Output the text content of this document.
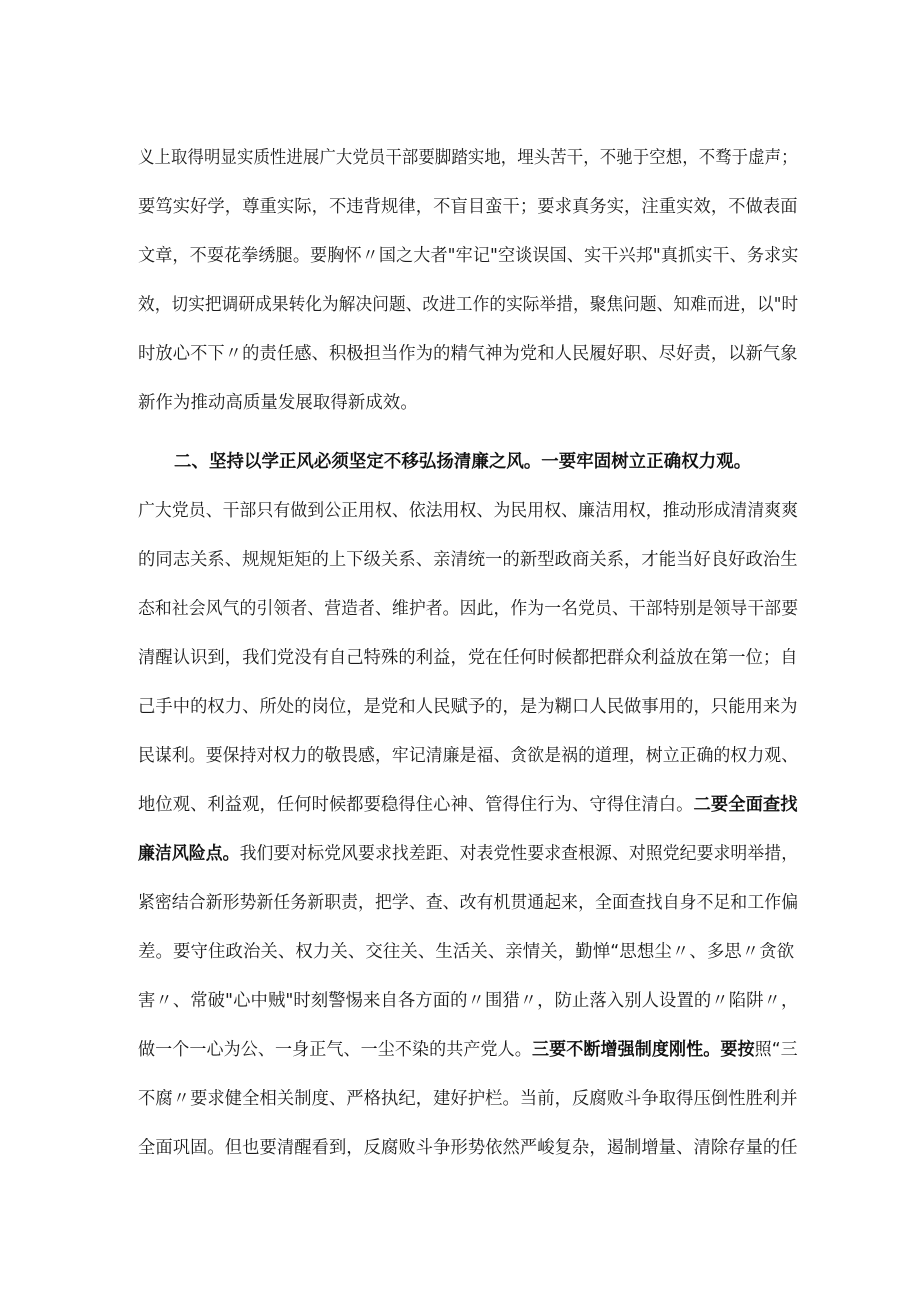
义上取得明显实质性进展广大党员干部要脚踏实地，埋头苦干，不驰于空想，不骛于虚声；
要笃实好学，尊重实际，不违背规律，不盲目蛮干；要求真务实，注重实效，不做表面
文章，不耍花拳绣腿。要胸怀〃国之大者"牢记"空谈误国、实干兴邦"真抓实干、务求实
效，切实把调研成果转化为解决问题、改进工作的实际举措，聚焦问题、知难而进，以"时
时放心不下〃的责任感、积极担当作为的精气神为党和人民履好职、尽好责，以新气象
新作为推动高质量发展取得新成效。
二、坚持以学正风必须坚定不移弘扬清廉之风。一要牢固树立正确权力观。
广大党员、干部只有做到公正用权、依法用权、为民用权、廉洁用权，推动形成清清爽爽
的同志关系、规规矩矩的上下级关系、亲清统一的新型政商关系，才能当好良好政治生
态和社会风气的引领者、营造者、维护者。因此，作为一名党员、干部特别是领导干部要
清醒认识到，我们党没有自己特殊的利益，党在任何时候都把群众利益放在第一位；自
己手中的权力、所处的岗位，是党和人民赋予的，是为糊口人民做事用的，只能用来为
民谋利。要保持对权力的敬畏感，牢记清廉是福、贪欲是祸的道理，树立正确的权力观、
地位观、利益观，任何时候都要稳得住心神、管得住行为、守得住清白。二要全面查找
廉洁风险点。我们要对标党风要求找差距、对表党性要求查根源、对照党纪要求明举措，
紧密结合新形势新任务新职责，把学、查、改有机贯通起来，全面查找自身不足和工作偏
差。要守住政治关、权力关、交往关、生活关、亲情关，勤惮“思想尘〃、多思〃贪欲
害〃、常破"心中贼"时刻警惕来自各方面的〃围猎〃，防止落入别人设置的〃陷阱〃，
做一个一心为公、一身正气、一尘不染的共产党人。三要不断增强制度刚性。要按照“三
不腐〃要求健全相关制度、严格执纪，建好护栏。当前，反腐败斗争取得压倒性胜利并
全面巩固。但也要清醒看到，反腐败斗争形势依然严峻复杂，遏制增量、清除存量的任
